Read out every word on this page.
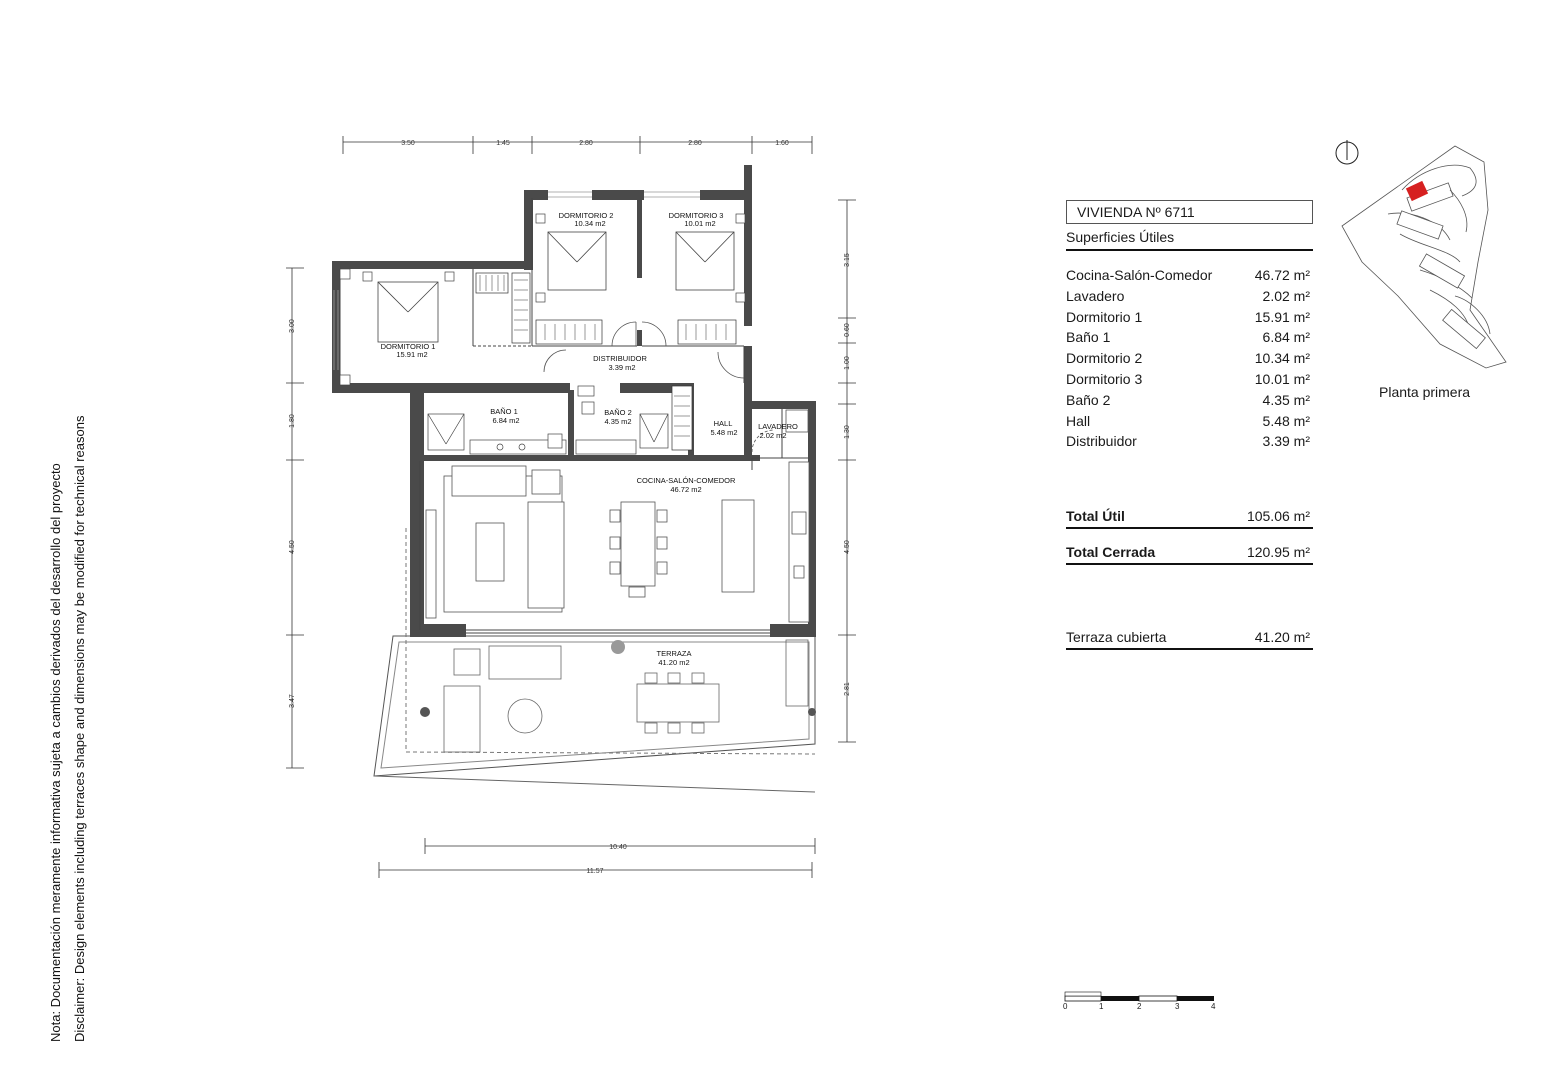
Nota: Documentación meramente informativa sujeta a cambios derivados del desarrollo del proyecto Disclaimer: Design elements including terraces shape and dimensions may be modified for technical reasons
3.50	1.45	2.80	2.80	1.60
3.00
1.80
4.50
3.47
3.15
0.60
1.00
1.30
4.50
2.81
10.40
11.57
DORMITORIO 1
15.91 m2
DORMITORIO 2
10.34 m2
DORMITORIO 3
10.01 m2
DISTRIBUIDOR
3.39 m2
BAÑO 1
6.84 m2
BAÑO 2
4.35 m2	HALL
5.48 m2
LAVADERO
2.02 m2
COCINA-SALÓN-COMEDOR
46.72 m2
TERRAZA
41.20 m2
VIVIENDA Nº 6711
Superficies Útiles
Cocina-Salón-Comedor	46.72 m²
Lavadero	2.02 m²
Dormitorio 1	15.91 m²
Baño 1	6.84 m²
Dormitorio 2	10.34 m²
Dormitorio 3	10.01 m²
Baño 2	4.35 m²
Hall	5.48 m²
Distribuidor	3.39 m²
Total Útil	105.06 m²
Total Cerrada	120.95 m²
Terraza cubierta	41.20 m²
Planta primera
0	1	2	3	4
